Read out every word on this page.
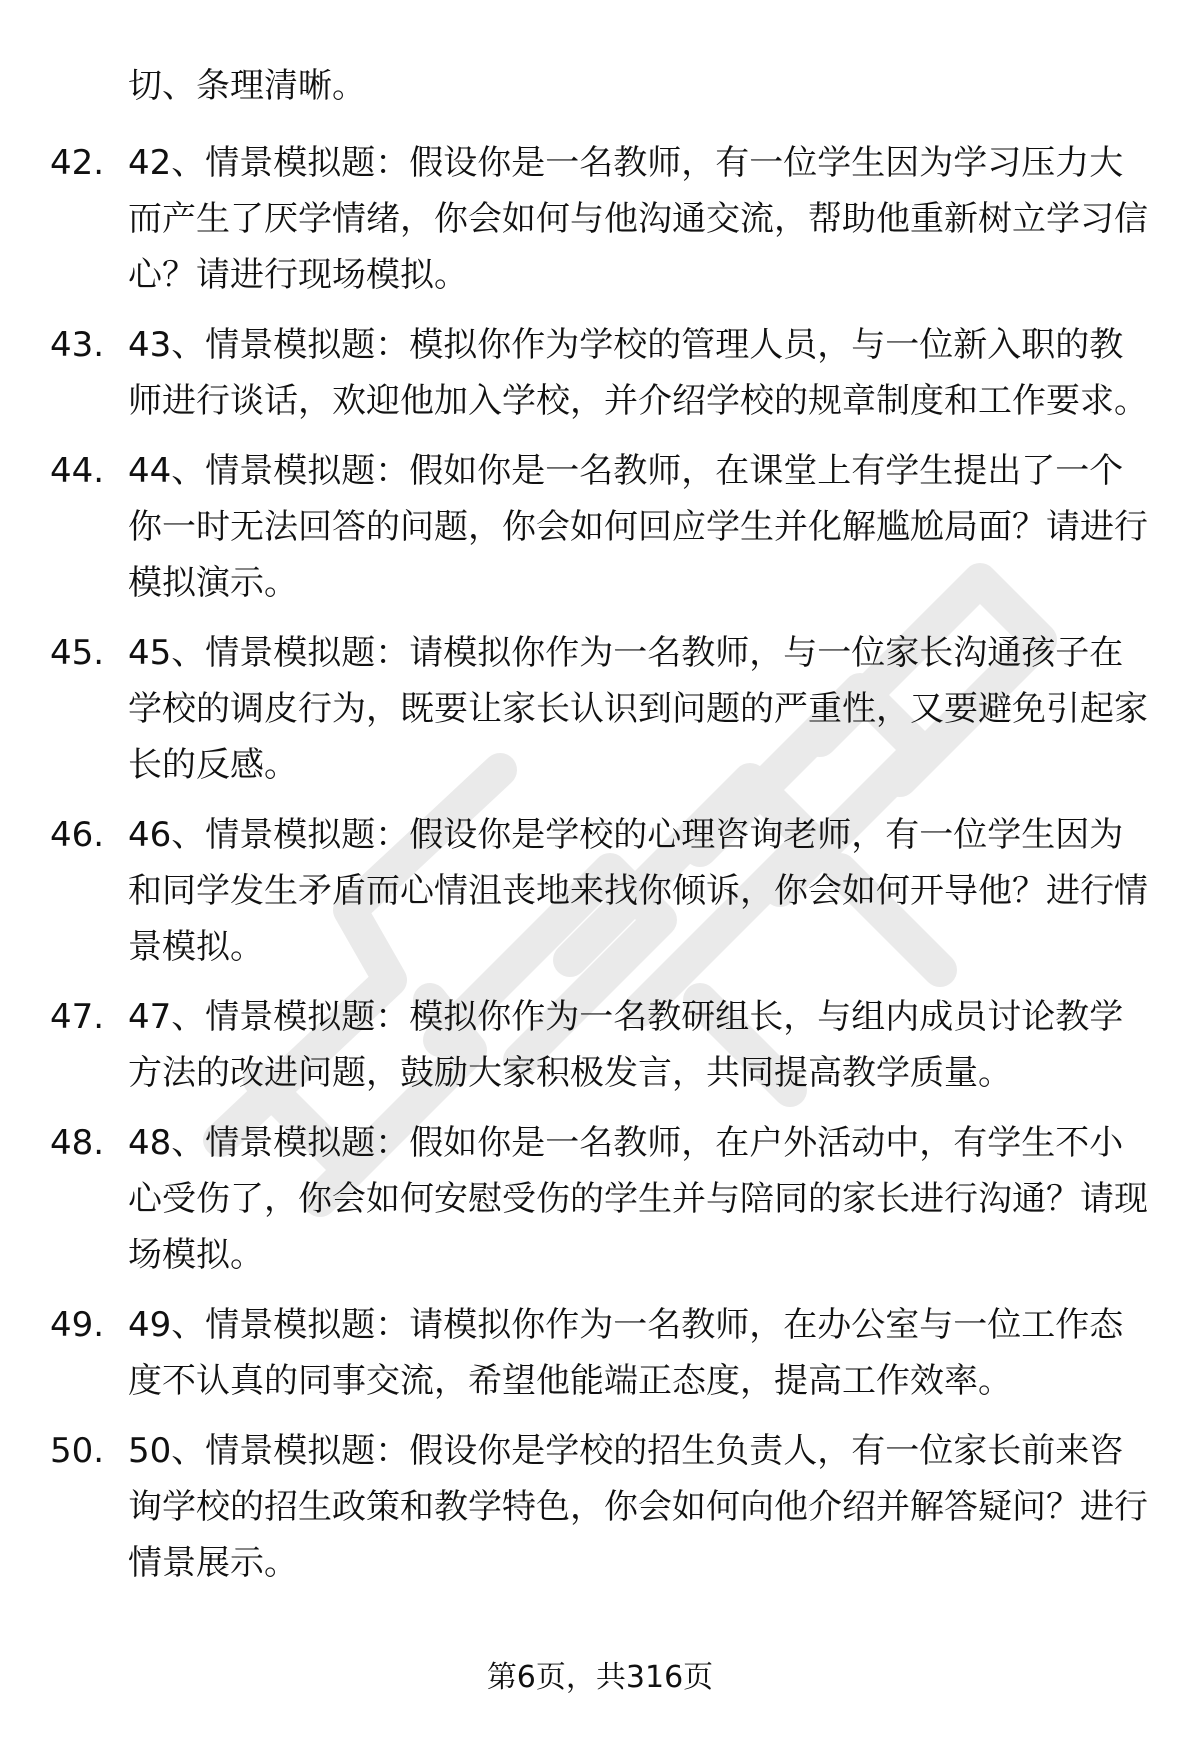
切、条理清晰。

42. 42、情景模拟题：假设你是一名教师，有一位学生因为学习压力大而产生了厌学情绪，你会如何与他沟通交流，帮助他重新树立学习信心？请进行现场模拟。
43. 43、情景模拟题：模拟你作为学校的管理人员，与一位新入职的教师进行谈话，欢迎他加入学校，并介绍学校的规章制度和工作要求。
44. 44、情景模拟题：假如你是一名教师，在课堂上有学生提出了一个你一时无法回答的问题，你会如何回应学生并化解尴尬局面？请进行模拟演示。
45. 45、情景模拟题：请模拟你作为一名教师，与一位家长沟通孩子在学校的调皮行为，既要让家长认识到问题的严重性，又要避免引起家长的反感。
46. 46、情景模拟题：假设你是学校的心理咨询老师，有一位学生因为和同学发生矛盾而心情沮丧地来找你倾诉，你会如何开导他？进行情景模拟。
47. 47、情景模拟题：模拟你作为一名教研组长，与组内成员讨论教学方法的改进问题，鼓励大家积极发言，共同提高教学质量。
48. 48、情景模拟题：假如你是一名教师，在户外活动中，有学生不小心受伤了，你会如何安慰受伤的学生并与陪同的家长进行沟通？请现场模拟。
49. 49、情景模拟题：请模拟你作为一名教师，在办公室与一位工作态度不认真的同事交流，希望他能端正态度，提高工作效率。
50. 50、情景模拟题：假设你是学校的招生负责人，有一位家长前来咨询学校的招生政策和教学特色，你会如何向他介绍并解答疑问？进行情景展示。
第6页，共316页
